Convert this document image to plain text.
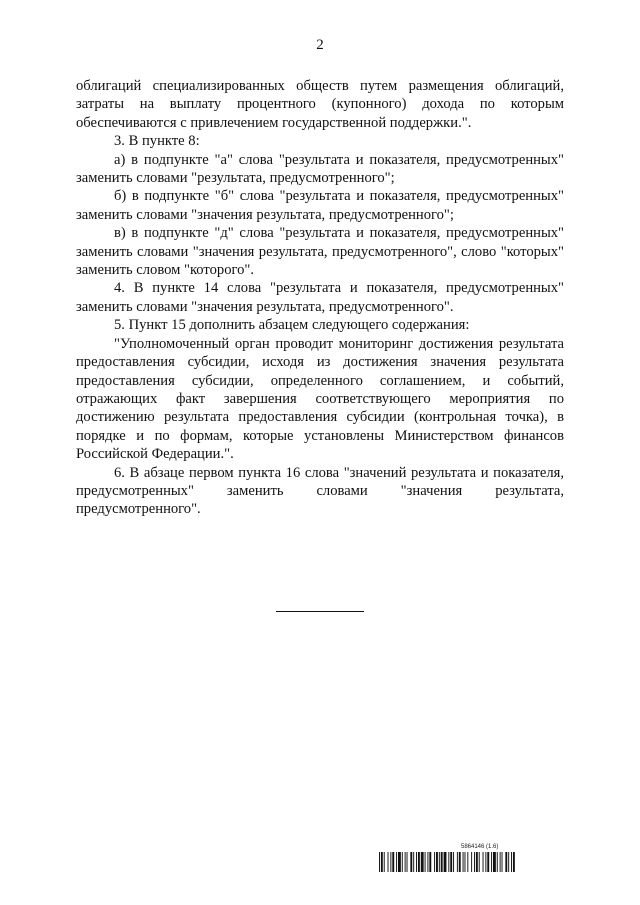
2

облигаций специализированных обществ путем размещения облигаций, затраты на выплату процентного (купонного) дохода по которым обеспечиваются с привлечением государственной поддержки.".

3. В пункте 8:

а) в подпункте "а" слова "результата и показателя, предусмотренных" заменить словами "результата, предусмотренного";

б) в подпункте "б" слова "результата и показателя, предусмотренных" заменить словами "значения результата, предусмотренного";

в) в подпункте "д" слова "результата и показателя, предусмотренных" заменить словами "значения результата, предусмотренного", слово "которых" заменить словом "которого".

4. В пункте 14 слова "результата и показателя, предусмотренных" заменить словами "значения результата, предусмотренного".

5. Пункт 15 дополнить абзацем следующего содержания:

"Уполномоченный орган проводит мониторинг достижения результата предоставления субсидии, исходя из достижения значения результата предоставления субсидии, определенного соглашением, и событий, отражающих факт завершения соответствующего мероприятия по достижению результата предоставления субсидии (контрольная точка), в порядке и по формам, которые установлены Министерством финансов Российской Федерации.".

6. В абзаце первом пункта 16 слова "значений результата и показателя, предусмотренных" заменить словами "значения результата, предусмотренного".

5864146 (1.6)
